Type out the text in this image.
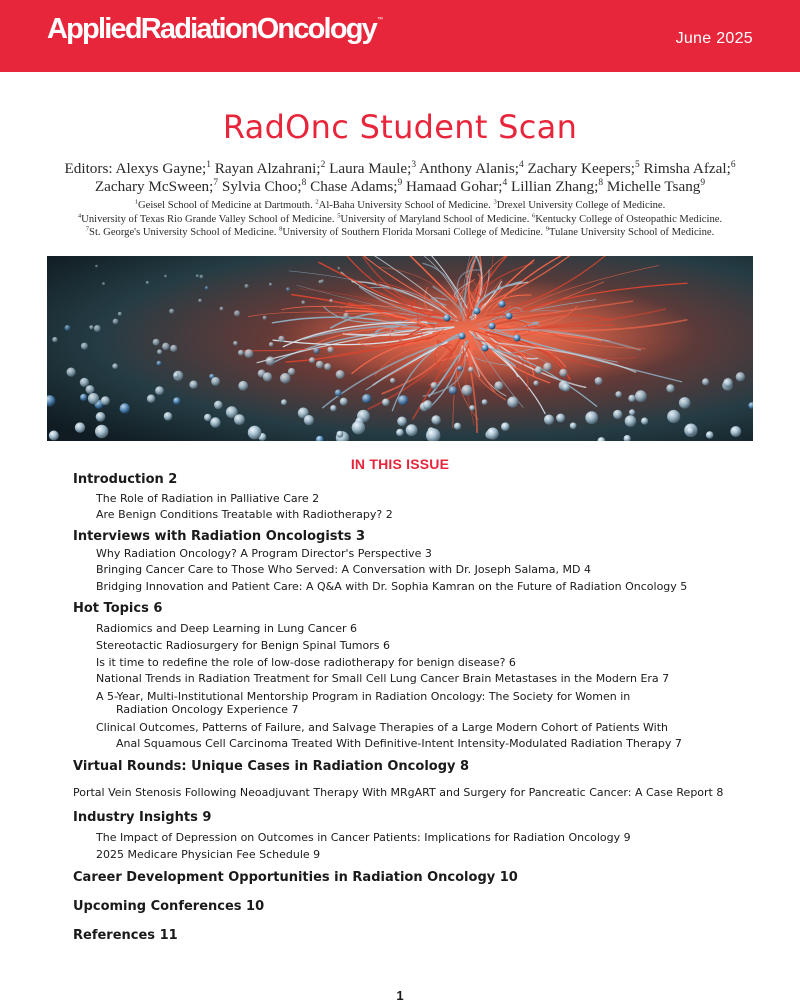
AppliedRadiationOncology™
June 2025
RadOnc Student Scan
Editors: Alexys Gayne;$^1$ Rayan Alzahrani;$^2$ Laura Maule;$^3$ Anthony Alanis;$^4$ Zachary Keepers;$^5$ Rimsha Afzal;$^6$
Zachary McSween;$^7$ Sylvia Choo;$^8$ Chase Adams;$^9$ Hamaad Gohar;$^4$ Lillian Zhang;$^8$ Michelle Tsang$^9$
$^1$Geisel School of Medicine at Dartmouth. $^2$Al-Baha University School of Medicine. $^3$Drexel University College of Medicine.
$^4$University of Texas Rio Grande Valley School of Medicine. $^5$University of Maryland School of Medicine. $^6$Kentucky College of Osteopathic Medicine.
$^7$St. George's University School of Medicine. $^8$University of Southern Florida Morsani College of Medicine. $^9$Tulane University School of Medicine.
IN THIS ISSUE
Introduction 2
The Role of Radiation in Palliative Care 2
Are Benign Conditions Treatable with Radiotherapy? 2
Interviews with Radiation Oncologists 3
Why Radiation Oncology? A Program Director's Perspective 3
Bringing Cancer Care to Those Who Served: A Conversation with Dr. Joseph Salama, MD 4
Bridging Innovation and Patient Care: A Q&A with Dr. Sophia Kamran on the Future of Radiation Oncology 5
Hot Topics 6
Radiomics and Deep Learning in Lung Cancer 6
Stereotactic Radiosurgery for Benign Spinal Tumors 6
Is it time to redefine the role of low-dose radiotherapy for benign disease? 6
National Trends in Radiation Treatment for Small Cell Lung Cancer Brain Metastases in the Modern Era 7
A 5-Year, Multi-Institutional Mentorship Program in Radiation Oncology: The Society for Women in
Radiation Oncology Experience 7
Clinical Outcomes, Patterns of Failure, and Salvage Therapies of a Large Modern Cohort of Patients With
Anal Squamous Cell Carcinoma Treated With Definitive-Intent Intensity-Modulated Radiation Therapy 7
Virtual Rounds: Unique Cases in Radiation Oncology 8
Portal Vein Stenosis Following Neoadjuvant Therapy With MRgART and Surgery for Pancreatic Cancer: A Case Report 8
Industry Insights 9
The Impact of Depression on Outcomes in Cancer Patients: Implications for Radiation Oncology 9
2025 Medicare Physician Fee Schedule 9
Career Development Opportunities in Radiation Oncology 10
Upcoming Conferences 10
References 11
1
